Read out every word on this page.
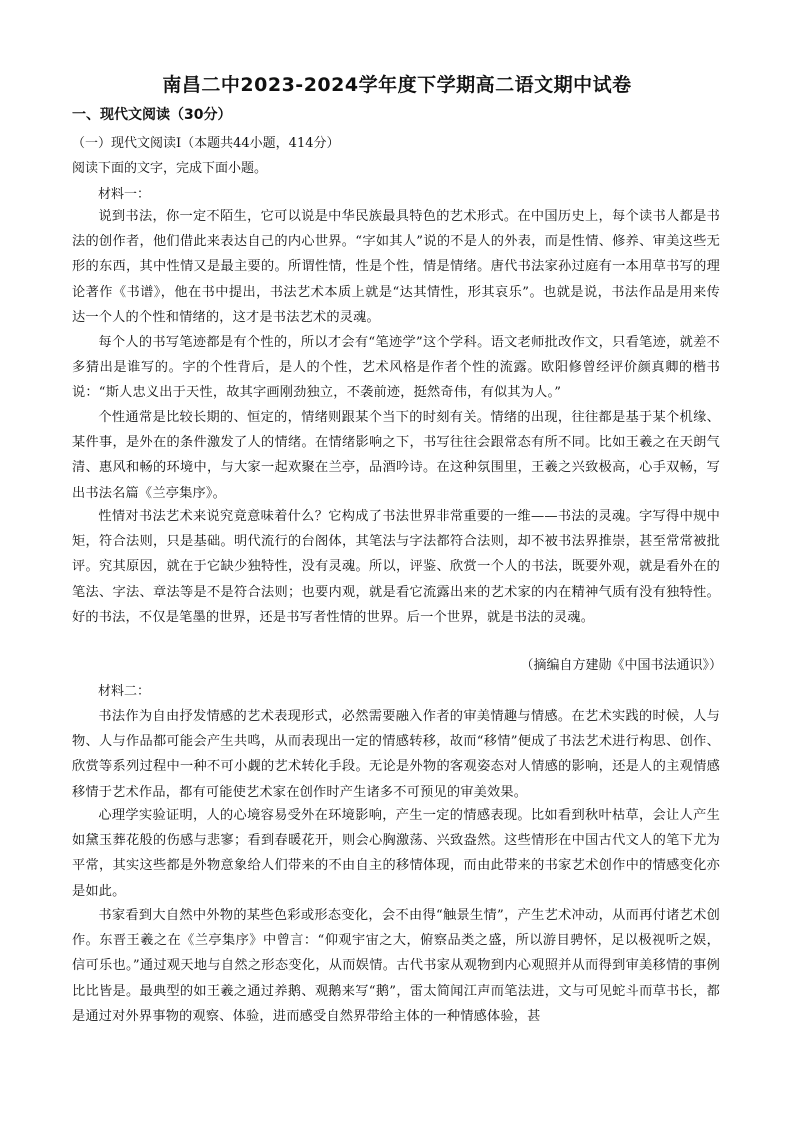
南昌二中2023-2024学年度下学期高二语文期中试卷
一、现代文阅读（30分）
（一）现代文阅读Ⅰ（本题共44小题，414分）
阅读下面的文字，完成下面小题。
材料一：
说到书法，你一定不陌生，它可以说是中华民族最具特色的艺术形式。在中国历史上，每个读书人都是书法的创作者，他们借此来表达自己的内心世界。“字如其人”说的不是人的外表，而是性情、修养、审美这些无形的东西，其中性情又是最主要的。所谓性情，性是个性，情是情绪。唐代书法家孙过庭有一本用草书写的理论著作《书谱》，他在书中提出，书法艺术本质上就是“达其情性，形其哀乐”。也就是说，书法作品是用来传达一个人的个性和情绪的，这才是书法艺术的灵魂。
每个人的书写笔迹都是有个性的，所以才会有“笔迹学”这个学科。语文老师批改作文，只看笔迹，就差不多猜出是谁写的。字的个性背后，是人的个性，艺术风格是作者个性的流露。欧阳修曾经评价颜真卿的楷书说：“斯人忠义出于天性，故其字画刚劲独立，不袭前迹，挺然奇伟，有似其为人。”
个性通常是比较长期的、恒定的，情绪则跟某个当下的时刻有关。情绪的出现，往往都是基于某个机缘、某件事，是外在的条件激发了人的情绪。在情绪影响之下，书写往往会跟常态有所不同。比如王羲之在天朗气清、惠风和畅的环境中，与大家一起欢聚在兰亭，品酒吟诗。在这种氛围里，王羲之兴致极高，心手双畅，写出书法名篇《兰亭集序》。
性情对书法艺术来说究竟意味着什么？它构成了书法世界非常重要的一维——书法的灵魂。字写得中规中矩，符合法则，只是基础。明代流行的台阁体，其笔法与字法都符合法则，却不被书法界推崇，甚至常常被批评。究其原因，就在于它缺少独特性，没有灵魂。所以，评鉴、欣赏一个人的书法，既要外观，就是看外在的笔法、字法、章法等是不是符合法则；也要内观，就是看它流露出来的艺术家的内在精神气质有没有独特性。好的书法，不仅是笔墨的世界，还是书写者性情的世界。后一个世界，就是书法的灵魂。
（摘编自方建勋《中国书法通识》）
材料二：
书法作为自由抒发情感的艺术表现形式，必然需要融入作者的审美情趣与情感。在艺术实践的时候，人与物、人与作品都可能会产生共鸣，从而表现出一定的情感转移，故而“移情”便成了书法艺术进行构思、创作、欣赏等系列过程中一种不可小觑的艺术转化手段。无论是外物的客观姿态对人情感的影响，还是人的主观情感移情于艺术作品，都有可能使艺术家在创作时产生诸多不可预见的审美效果。
心理学实验证明，人的心境容易受外在环境影响，产生一定的情感表现。比如看到秋叶枯草，会让人产生如黛玉葬花般的伤感与悲寥；看到春暖花开，则会心胸激荡、兴致盎然。这些情形在中国古代文人的笔下尤为平常，其实这些都是外物意象给人们带来的不由自主的移情体现，而由此带来的书家艺术创作中的情感变化亦是如此。
书家看到大自然中外物的某些色彩或形态变化，会不由得“触景生情”，产生艺术冲动，从而再付诸艺术创作。东晋王羲之在《兰亭集序》中曾言：“仰观宇宙之大，俯察品类之盛，所以游目骋怀，足以极视听之娱，信可乐也。”通过观天地与自然之形态变化，从而娱情。古代书家从观物到内心观照并从而得到审美移情的事例比比皆是。最典型的如王羲之通过养鹅、观鹅来写“鹅”，雷太简闻江声而笔法进，文与可见蛇斗而草书长，都是通过对外界事物的观察、体验，进而感受自然界带给主体的一种情感体验，甚
